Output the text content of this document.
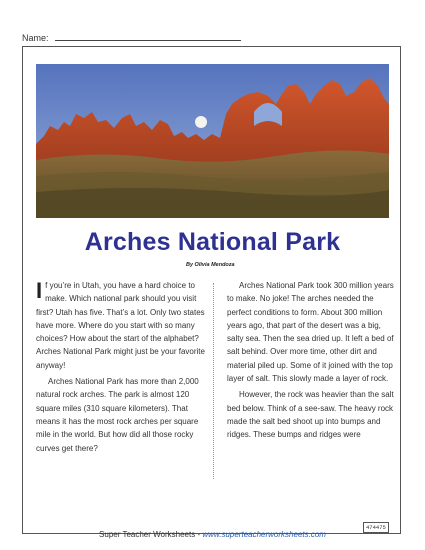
Name:
Arches National Park
By Olivia Mendoza

If you’re in Utah, you have a hard choice to make. Which national park should you visit first? Utah has five. That’s a lot. Only two states have more. Where do you start with so many choices? How about the start of the alphabet? Arches National Park might just be your favorite anyway!

Arches National Park has more than 2,000 natural rock arches. The park is almost 120 square miles (310 square kilometers). That means it has the most rock arches per square mile in the world. But how did all those rocky curves get there?

Arches National Park took 300 million years to make. No joke! The arches needed the perfect conditions to form. About 300 million years ago, that part of the desert was a big, salty sea. Then the sea dried up. It left a bed of salt behind. Over more time, other dirt and material piled up. Some of it joined with the top layer of salt. This slowly made a layer of rock.

However, the rock was heavier than the salt bed below. Think of a see-saw. The heavy rock made the salt bed shoot up into bumps and ridges. These bumps and ridges were

474475
Super Teacher Worksheets - www.superteacherworksheets.com
